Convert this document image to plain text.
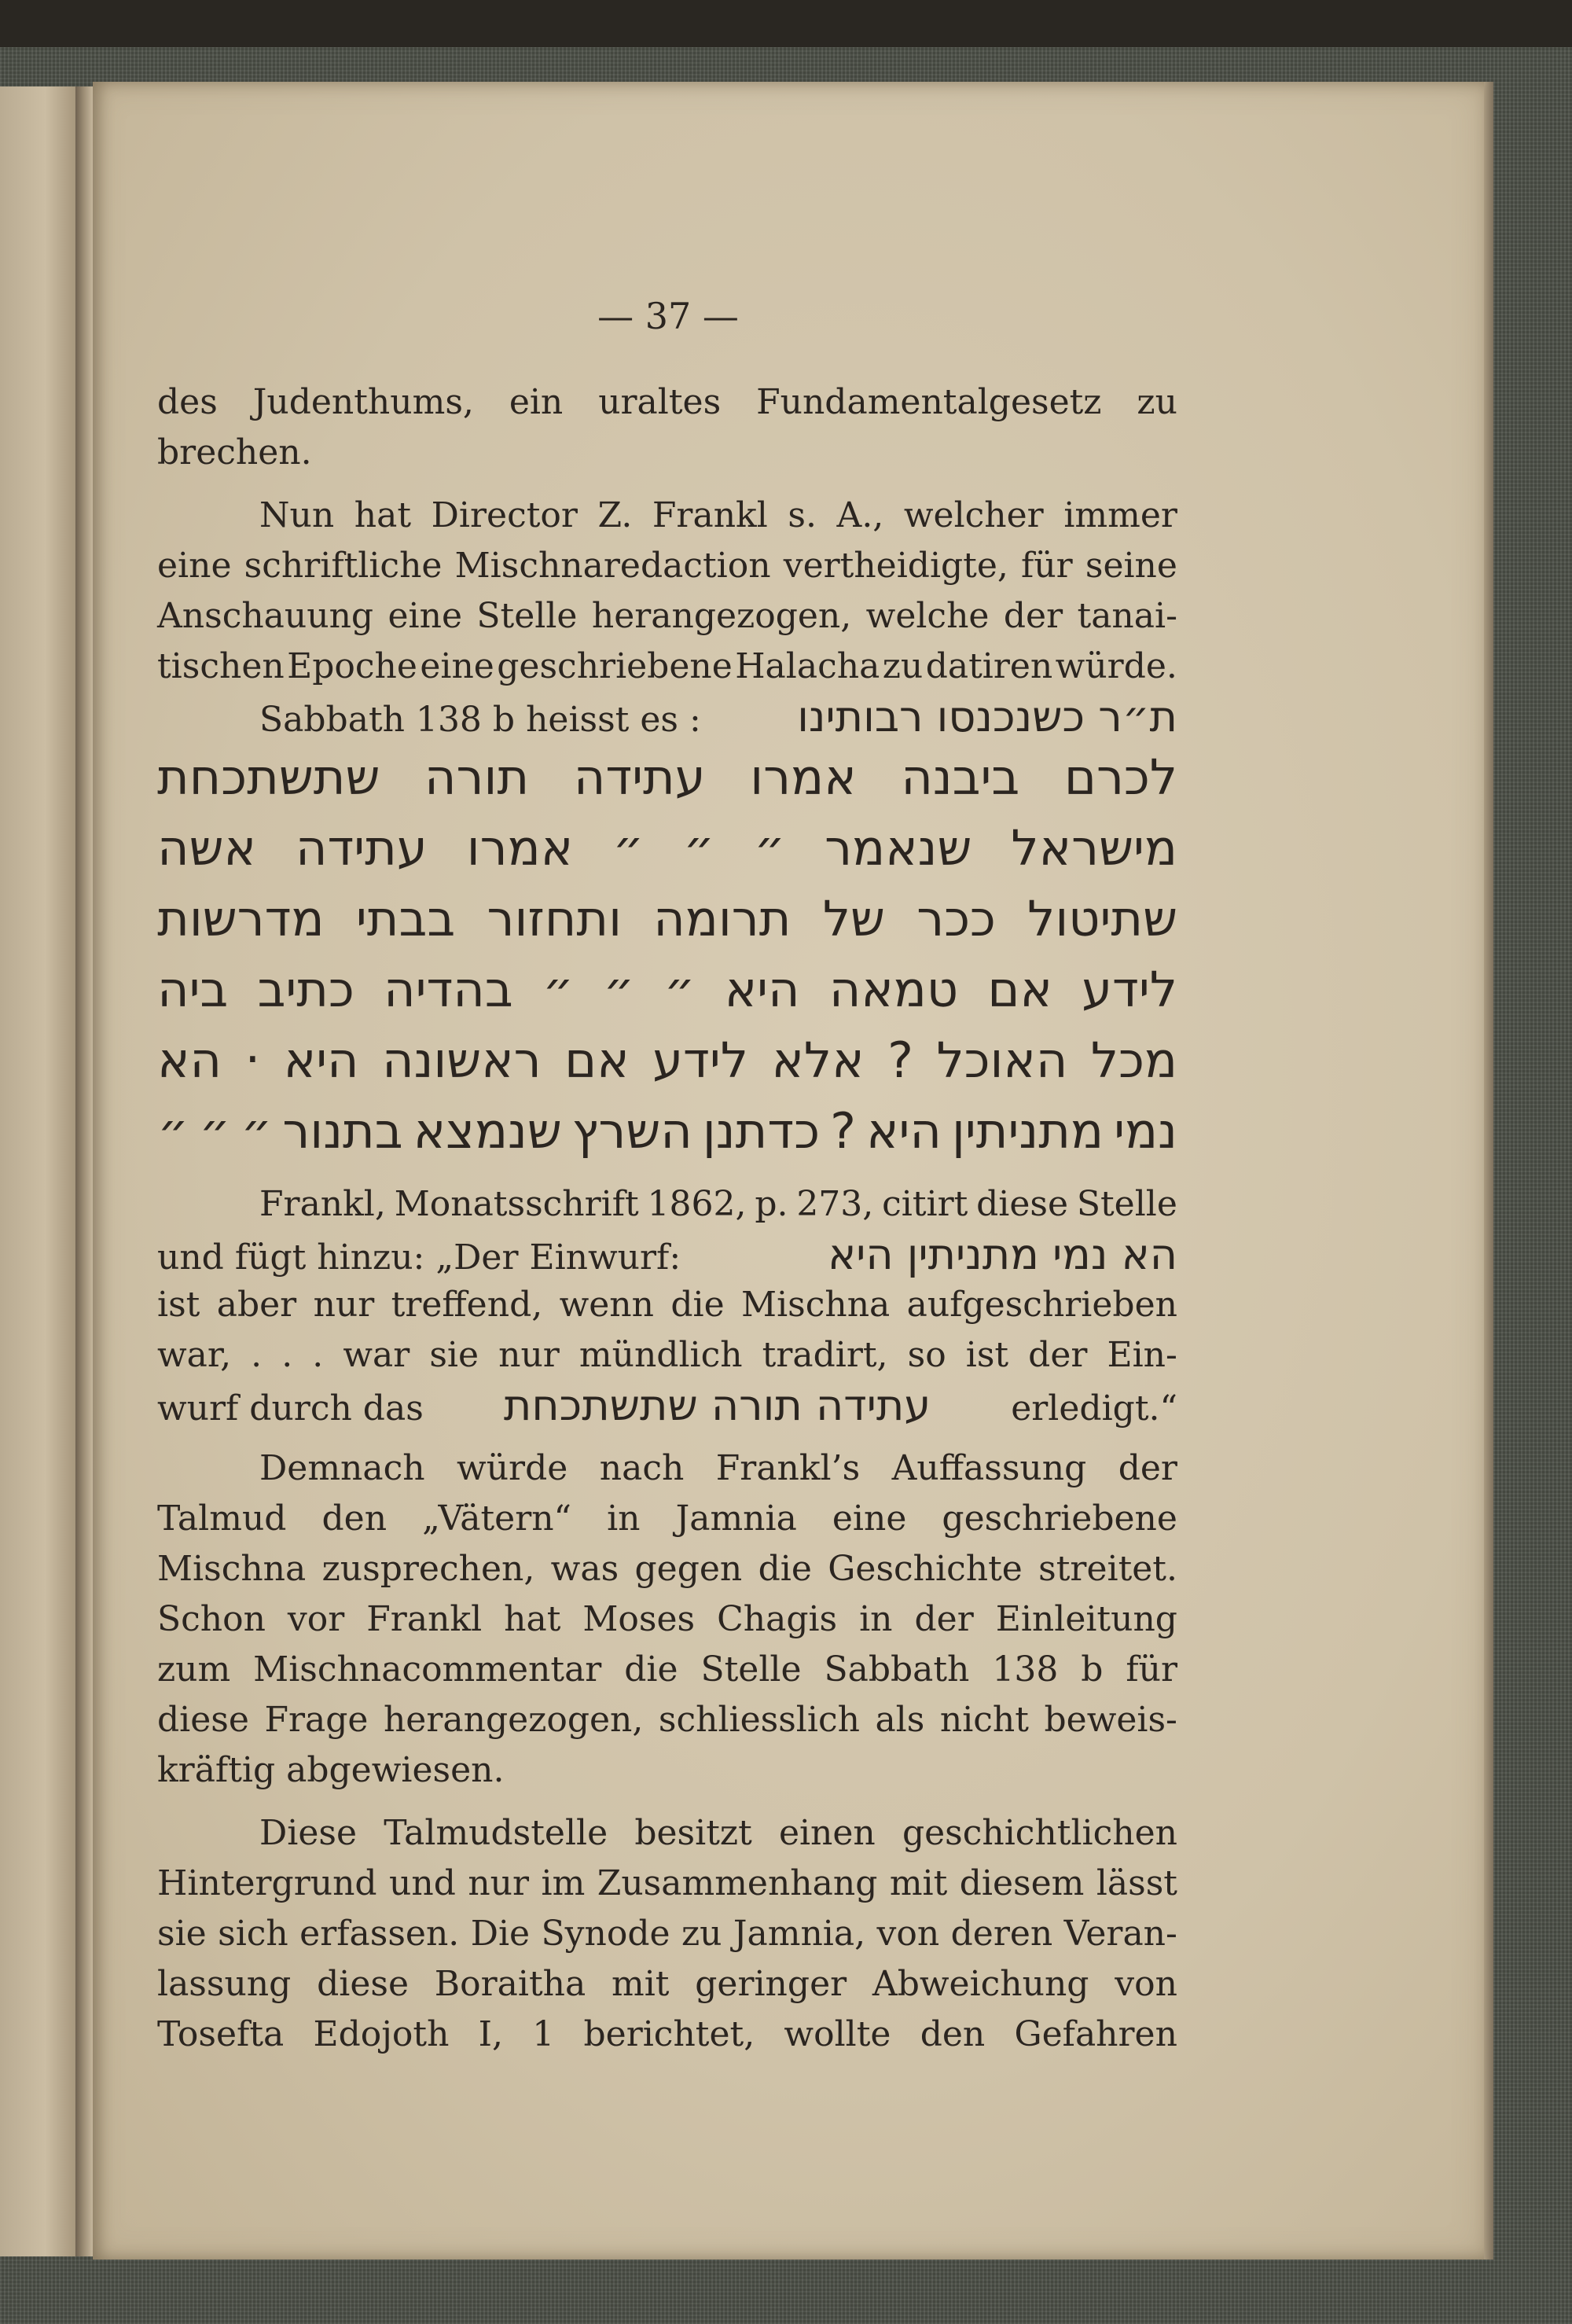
— 37 —
des Judenthums, ein uraltes Fundamentalgesetz zu
brechen.
Nun hat Director Z. Frankl s. A., welcher immer
eine schriftliche Mischnaredaction vertheidigte, für seine
Anschauung eine Stelle herangezogen, welche der tanai-
tischen Epoche eine geschriebene Halacha zu datiren würde.
Sabbath 138 b heisst es : ת״ר כשנכנסו רבותינו
לכרם
ביבנה
אמרו
עתידה
תורה
שתשתכחת
מישראל
שנאמר
״
״
״
אמרו
עתידה
אשה
שתיטול
ככר
של
תרומה
ותחזור
בבתי
מדרשות
לידע
אם
טמאה
היא
״
״
״
בהדיה
כתיב
ביה
מכל
האוכל
?
אלא
לידע
אם
ראשונה
היא
‧
הא
נמי
מתניתין
היא
?
כדתנן
השרץ
שנמצא
בתנור
״
״
״
Frankl, Monatsschrift 1862, p. 273, citirt diese Stelle
und fügt hinzu: „Der Einwurf:	הא נמי מתניתין היא
ist aber nur treffend, wenn die Mischna aufgeschrieben
war, . . . war sie nur mündlich tradirt, so ist der Ein-
wurf durch das עתידה תורה שתשתכחת erledigt.“
Demnach würde nach Frankl’s Auffassung der
Talmud den „Vätern“ in Jamnia eine geschriebene
Mischna zusprechen, was gegen die Geschichte streitet.
Schon vor Frankl hat Moses Chagis in der Einleitung
zum Mischnacommentar die Stelle Sabbath 138 b für
diese Frage herangezogen, schliesslich als nicht beweis-
kräftig abgewiesen.
Diese Talmudstelle besitzt einen geschichtlichen
Hintergrund und nur im Zusammenhang mit diesem lässt
sie sich erfassen. Die Synode zu Jamnia, von deren Veran-
lassung diese Boraitha mit geringer Abweichung von
Tosefta Edojoth I, 1 berichtet, wollte den Gefahren
